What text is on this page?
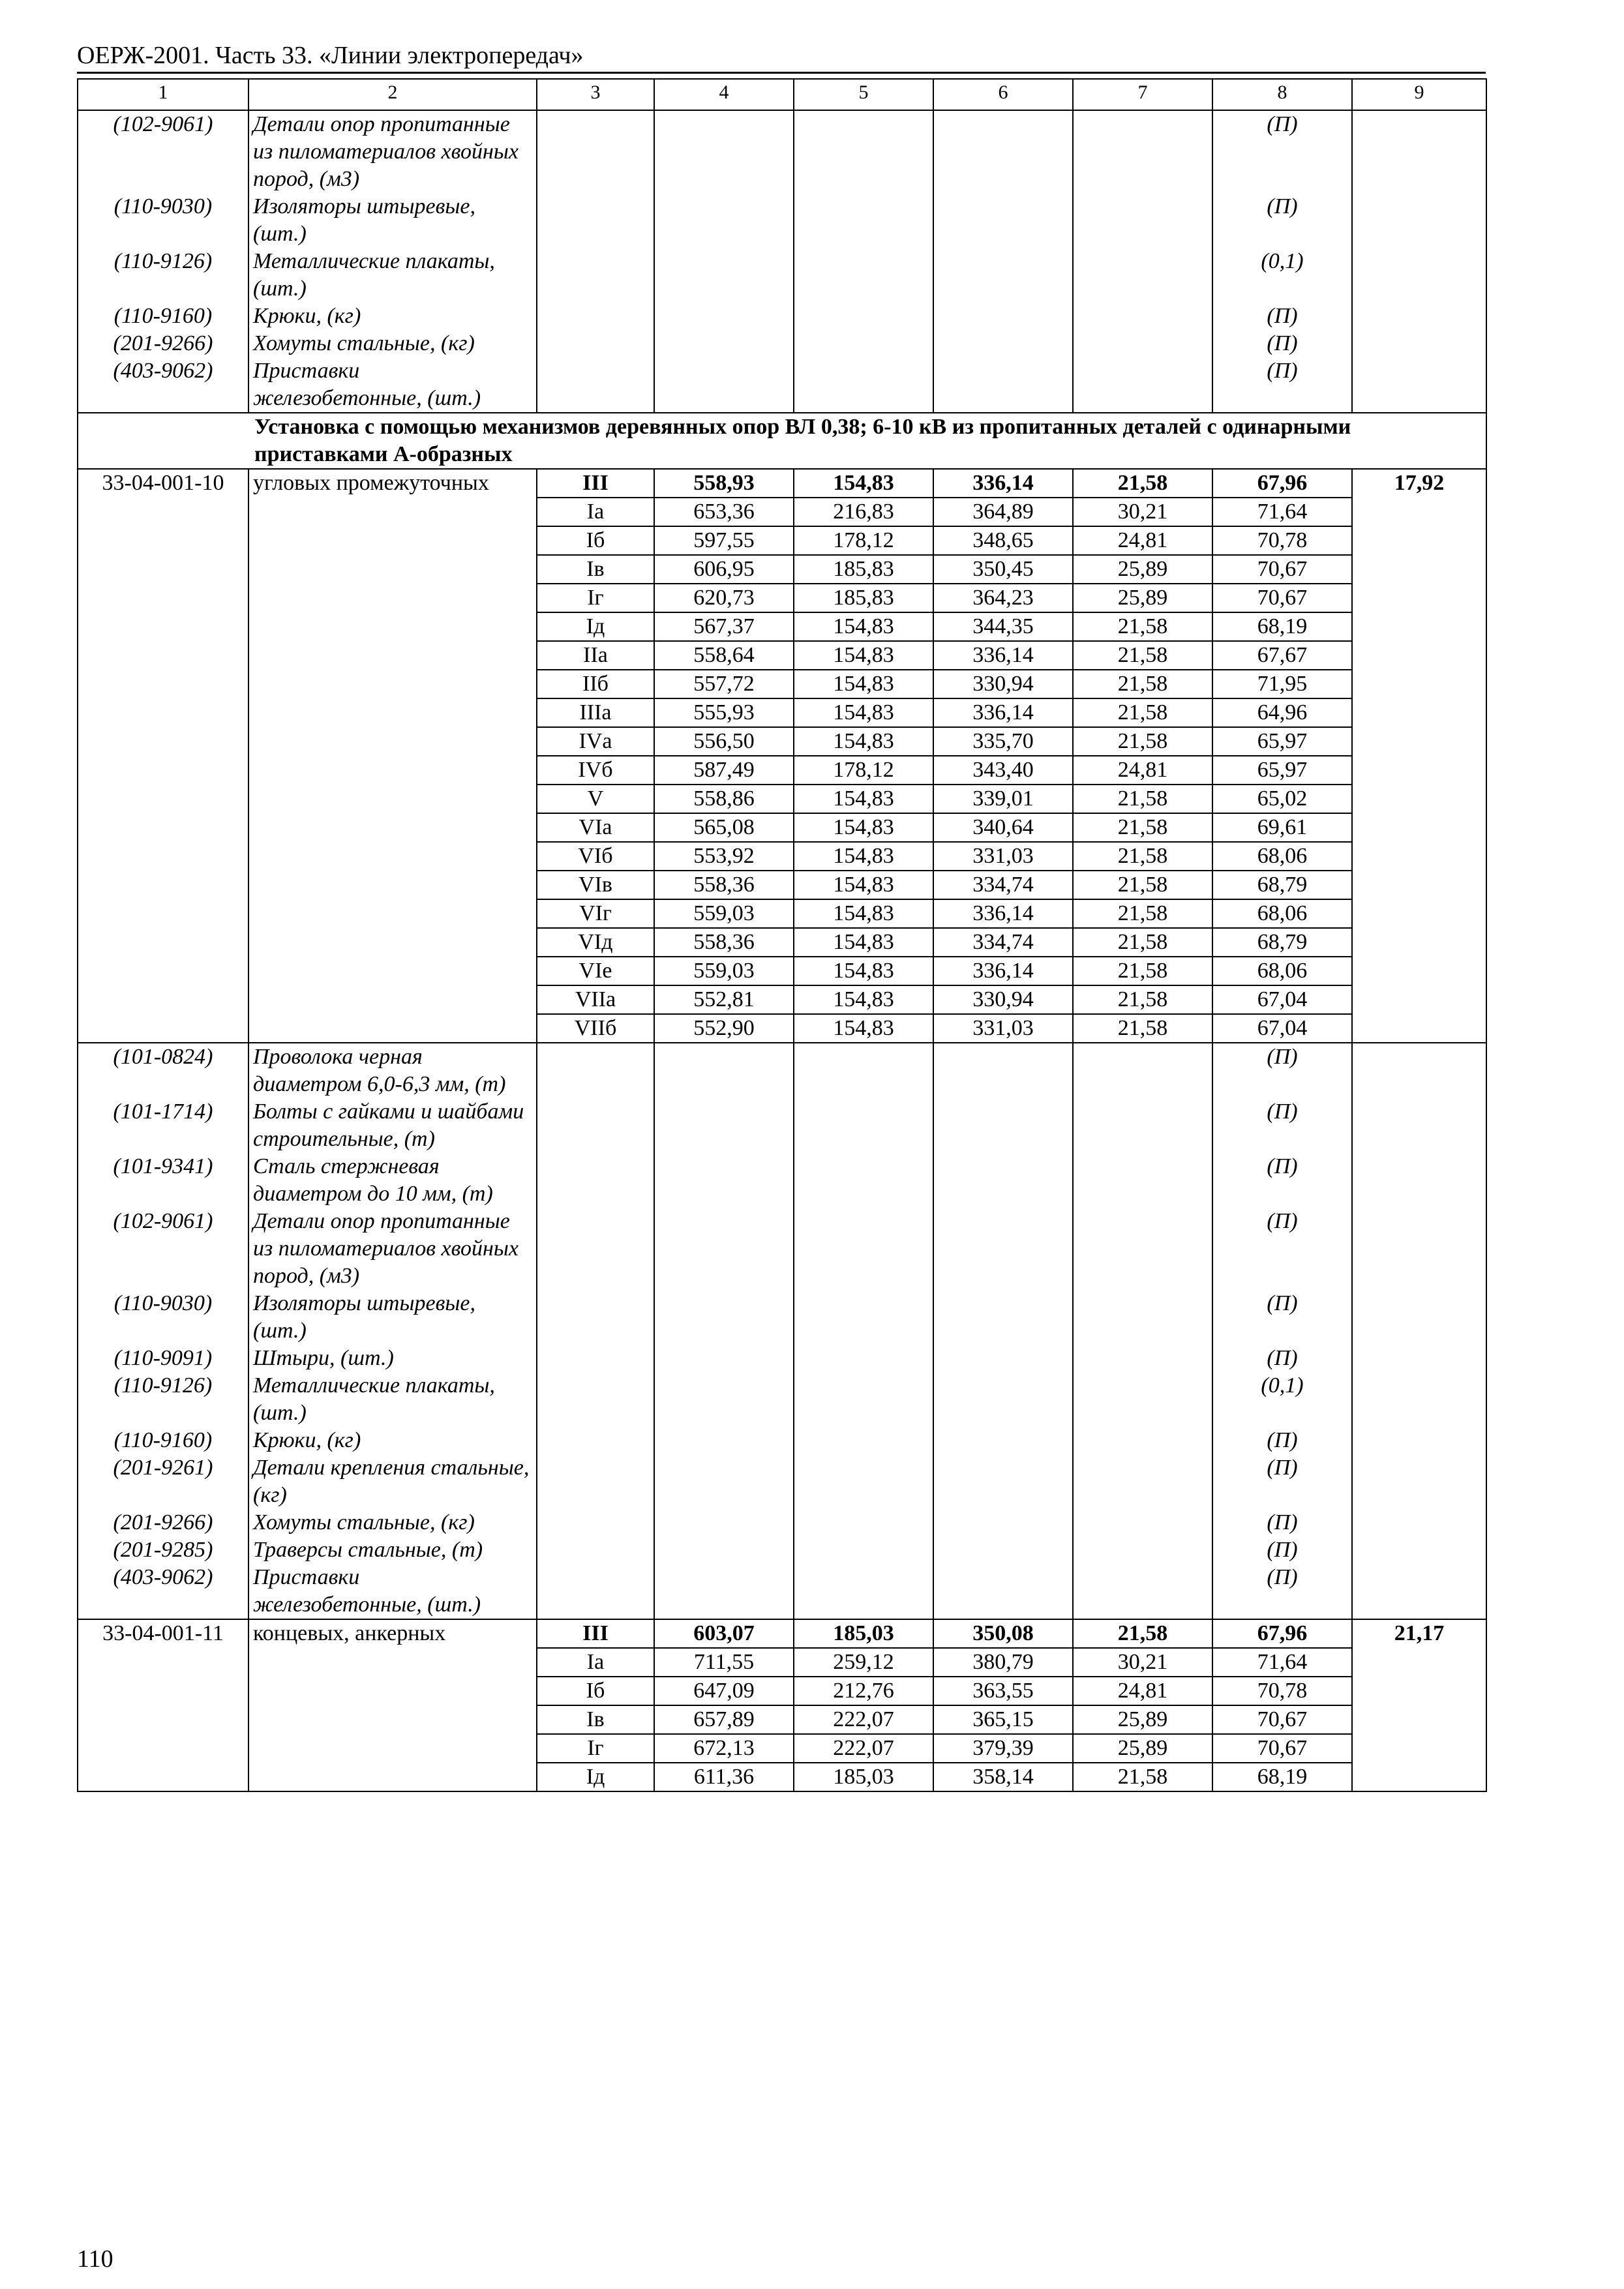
ОЕРЖ-2001. Часть 33. «Линии электропередач»
1	2	3	4	5	6	7	8	9
(102-9061)	Детали опор пропитанные из пиломатериалов хвойных пород, (м3)						(П)	
(110-9030)	Изоляторы штыревые, (шт.)						(П)	
(110-9126)	Металлические плакаты, (шт.)						(0,1)	
(110-9160)	Крюки, (кг)						(П)	
(201-9266)	Хомуты стальные, (кг)						(П)	
(403-9062)	Приставки железобетонные, (шт.)						(П)	
Установка с помощью механизмов деревянных опор ВЛ 0,38; 6-10 кВ из пропитанных деталей с одинарными приставками А-образных								
33-04-001-10	угловых промежуточных	III	558,93	154,83	336,14	21,58	67,96	17,92
		Iа	653,36	216,83	364,89	30,21	71,64	
		Iб	597,55	178,12	348,65	24,81	70,78	
		Iв	606,95	185,83	350,45	25,89	70,67	
		Iг	620,73	185,83	364,23	25,89	70,67	
		Iд	567,37	154,83	344,35	21,58	68,19	
		IIа	558,64	154,83	336,14	21,58	67,67	
		IIб	557,72	154,83	330,94	21,58	71,95	
		IIIа	555,93	154,83	336,14	21,58	64,96	
		IVа	556,50	154,83	335,70	21,58	65,97	
		IVб	587,49	178,12	343,40	24,81	65,97	
		V	558,86	154,83	339,01	21,58	65,02	
		VIа	565,08	154,83	340,64	21,58	69,61	
		VIб	553,92	154,83	331,03	21,58	68,06	
		VIв	558,36	154,83	334,74	21,58	68,79	
		VIг	559,03	154,83	336,14	21,58	68,06	
		VIд	558,36	154,83	334,74	21,58	68,79	
		VIе	559,03	154,83	336,14	21,58	68,06	
		VIIа	552,81	154,83	330,94	21,58	67,04	
		VIIб	552,90	154,83	331,03	21,58	67,04	
(101-0824)	Проволока черная диаметром 6,0-6,3 мм, (т)						(П)	
(101-1714)	Болты с гайками и шайбами строительные, (т)						(П)	
(101-9341)	Сталь стержневая диаметром до 10 мм, (т)						(П)	
(102-9061)	Детали опор пропитанные из пиломатериалов хвойных пород, (м3)						(П)	
(110-9030)	Изоляторы штыревые, (шт.)						(П)	
(110-9091)	Штыри, (шт.)						(П)	
(110-9126)	Металлические плакаты, (шт.)						(0,1)	
(110-9160)	Крюки, (кг)						(П)	
(201-9261)	Детали крепления стальные, (кг)						(П)	
(201-9266)	Хомуты стальные, (кг)						(П)	
(201-9285)	Траверсы стальные, (т)						(П)	
(403-9062)	Приставки железобетонные, (шт.)						(П)	
33-04-001-11	концевых, анкерных	III	603,07	185,03	350,08	21,58	67,96	21,17
		Iа	711,55	259,12	380,79	30,21	71,64	
		Iб	647,09	212,76	363,55	24,81	70,78	
		Iв	657,89	222,07	365,15	25,89	70,67	
		Iг	672,13	222,07	379,39	25,89	70,67	
		Iд	611,36	185,03	358,14	21,58	68,19	
110
